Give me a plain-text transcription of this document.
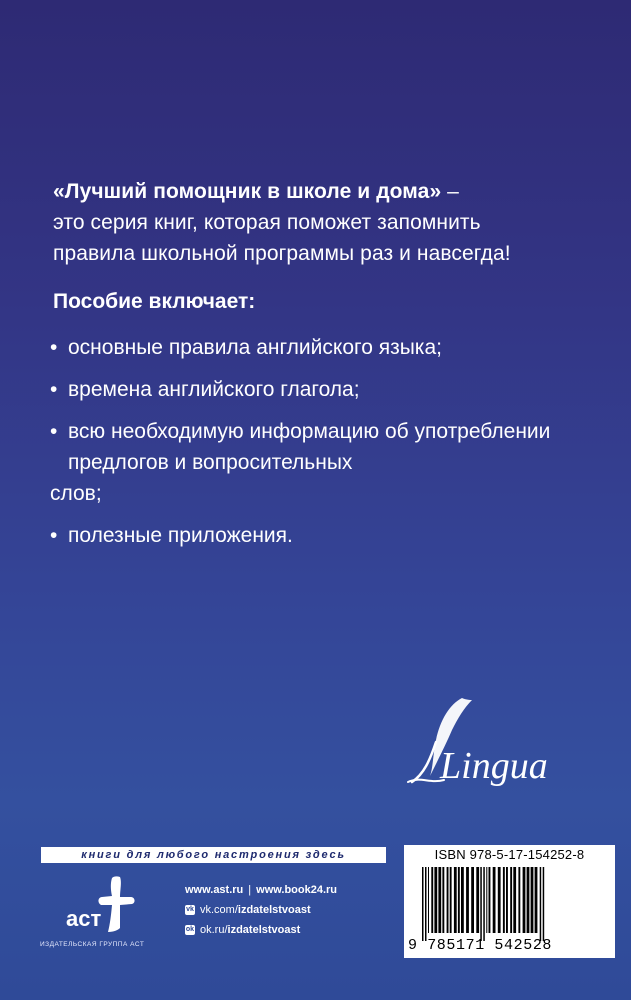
«Лучший помощник в школе и дома» –
это серия книг, которая поможет запомнить
правила школьной программы раз и навсегда!
Пособие включает:
• основные правила английского языка;
• времена английского глагола;
• всю необходимую информацию об употреблении предлогов и вопросительных
слов;
• полезные приложения.
Lingua
книги для любого настроения здесь
аст
ИЗДАТЕЛЬСКАЯ ГРУППА АСТ
www.ast.ru | www.book24.ru
vk vk.com/izdatelstvoast
ok ok.ru/izdatelstvoast
ISBN 978-5-17-154252-8
9 785171 542528
